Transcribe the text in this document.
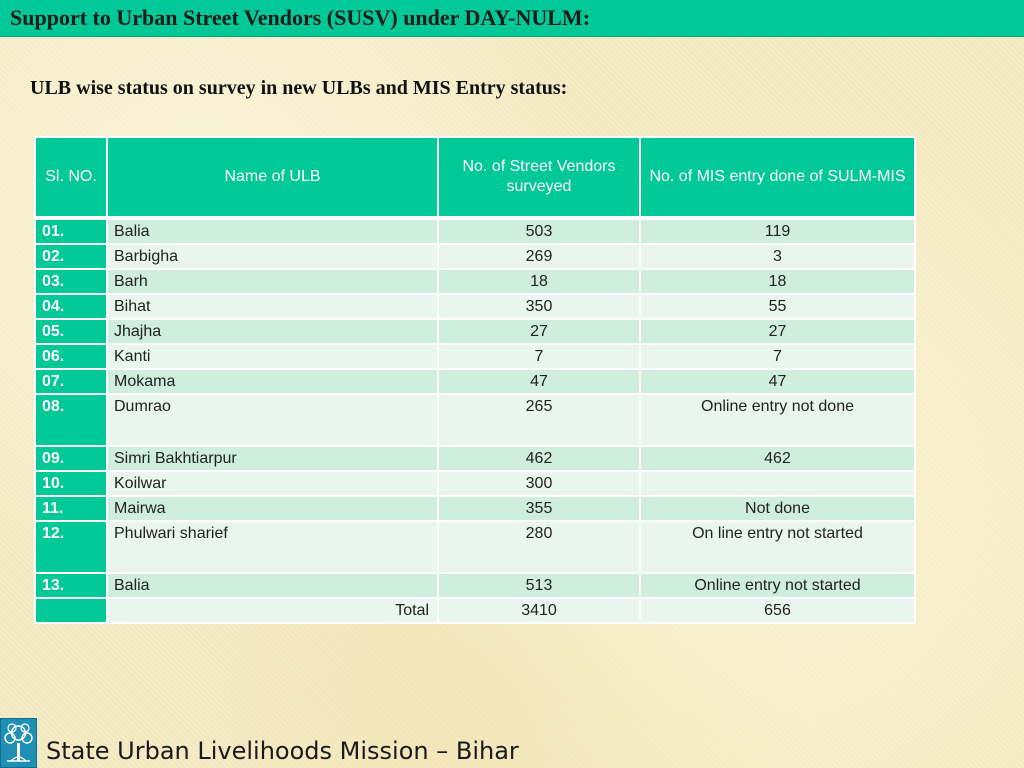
Support to Urban Street Vendors (SUSV) under DAY-NULM:
ULB wise status on survey in new ULBs and MIS Entry status:
Sl. NO.	Name of ULB	No. of Street Vendors surveyed	No. of MIS entry done of SULM-MIS
01.	Balia	503	119
02.	Barbigha	269	3
03.	Barh	18	18
04.	Bihat	350	55
05.	Jhajha	27	27
06.	Kanti	7	7
07.	Mokama	47	47
08.	Dumrao	265	Online entry not done
09.	Simri Bakhtiarpur	462	462
10.	Koilwar	300	
11.	Mairwa	355	Not done
12.	Phulwari sharief	280	On line entry not started
13.	Balia	513	Online entry not started
	Total	3410	656
State Urban Livelihoods Mission – Bihar
